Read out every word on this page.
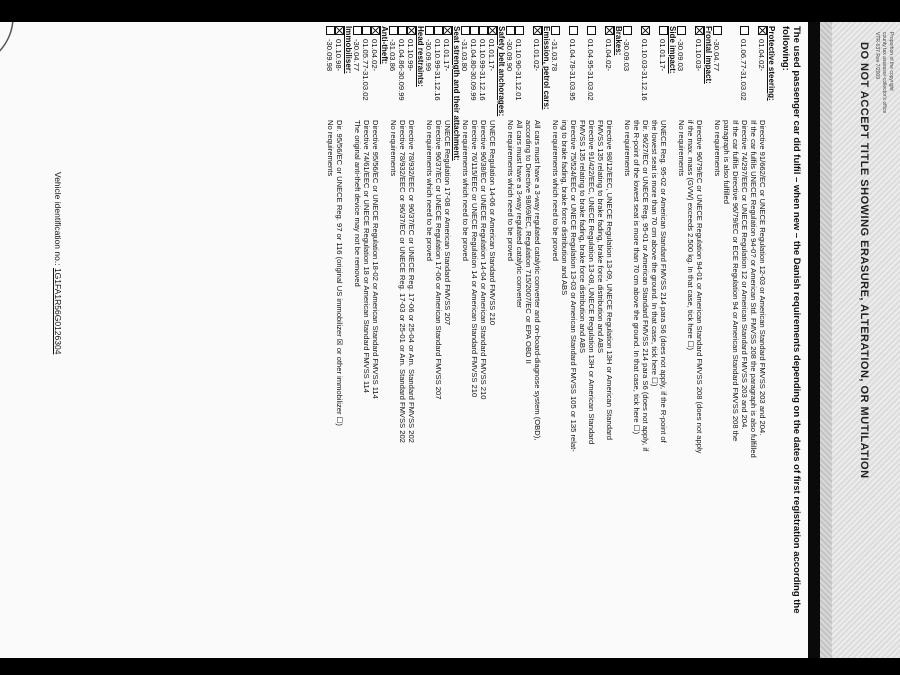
The used passenger car did fulfil – when new – the Danish requirements depending on the dates of first registration according the following:
Protective steering:
01.04.02-
Directive 91/662/EC or UNECE Regulation 12-03 or American Standard FMVSS 203 and 204.
If the car fulfils UNECE Regulation 94-0? or American Std. FMVSS 208 the paragraph is also fulfilled
01.06.77-31.03.02
Directive 74/297/EEC or UNECE Regulation 12 or American Standard FMVSS 203 and 204.
If the car fulfils Directive 96/79/EC or ECE Regulation 94 or American Standard FMVSS 208 the
paragraph is also fulfilled
-30.04.77
No requirements
Frontal impact:
01.10.03-
Directive 96/79/EC or UNECE Regulation 94-01 or American Standard FMVSS 208 (does not apply
if the max. mass (GVW) exceeds 2.500 kg. In that case, tick here ☐)
-30.09.03
No requirements
Side impact:
01.01.17-
UNECE Reg. 95-02 or American Standard FMVSS 214 para S6 (does not apply, if the R-point of
the lowest seat is more than 70 cm above the ground. In that case, tick here ☐)
01.10.03-31.12.16
Dir. 96/27/EC or UNECE Reg. 95-01 or American Standard FMVSS 214 para S6 (does not apply, if
the R-point of the lowest seat is more than 70 cm above the ground. In that case, tick here ☐)
-30.09.03
No requirements
Brakes:
01.04.02-
Directive 98/12/EEC, UNECE Regulation 13-09, UNECE Regulation 13H or American Standard
FMVSS 135 relating to brake fading, brake force distribution and ABS
01.04.95-31.03.02
Directive 91/422/EEC, UNECE Regulation 13-08, UNECE Regulation 13H or American Standard
FMVSS 135 relating to brake fading, brake force distribution and ABS
01.04.78-31.03.95
Directive 75/524/EEC or UNECE Regulation 13-03 or American Standard FMVSS 105 or 135 relat-
ing to brake fading, brake force distribution and ABS
-31.03.78
No requirements which need to be proved
Emission, petrol cars:
01.01.02-
All cars must have a 3-way regulated catalytic converter and on-board-diagnose system (OBD),
according to Directive 98/69/EC, Regulation 715/2007/EC or EPA OBD II
01.10.90-31.12.01
All cars must have a 3-way regulated catalytic converter
-30.09.90
No requirements which need to be proved
Safety belt anchorages:
01.01.17-
UNECE Regulation 14-06 or American Standard FMVSS 210
01.10.99-31.12.16
Directive 96/38/EC or UNECE Regulation 14-04 or American Standard FMVSS 210
01.04.80-30.09.99
Directive 76/115/EEC or UNECE Regulation 14 or American Standard FMVSS 210
-31.03.80
No requirements which need to be proved
Seat strength and their attachment:
01.01.17-
UNECE Regulation 17-08 or American Standard FMVSS 207
01.10.99-31.12.16
Directive 96/37/EC or UNECE Regulation 17-06 or American Standard FMVSS 207
-30.09.99
No requirements which need to be proved
Head restraints:
01.10.99-
Directive 78/932/EEC or 96/37/EC or UNECE Reg. 17-06 or 25-04 or Am. Standard FMVSS 202
01.04.86-30.09.99
Directive 78/932/EEC or 96/37/EC or UNECE Reg. 17-03 or 25-01 or Am. Standard FMVSS 202
-31.03.86
No requirements
Anti-theft:
01.04.02-
Directive 95/56/EC or UNECE Regulation 18-02 or American Standard FMVSS 114
01.05.77-31.03.02
Directive 74/61/EEC or UNECE Regulation 18 or American Standard FMVSS 114
-30.04.77
The original anti-theft device may not be removed
Immobiliser:
01.10.98-
Dir. 95/56/EC or UNECE Reg. 97 or 116 (original US immobilizer ☒ or other immobilizer ☐)
-30.09.98
No requirements
Vehicle identification no.: 1G1FA1R56G0126304
Proportion of the copyright
county tax assessor-collector's office
VTR-037 Rev 7/2009
DO NOT ACCEPT TITLE SHOWING ERASURE, ALTERATION, OR MUTILATION
